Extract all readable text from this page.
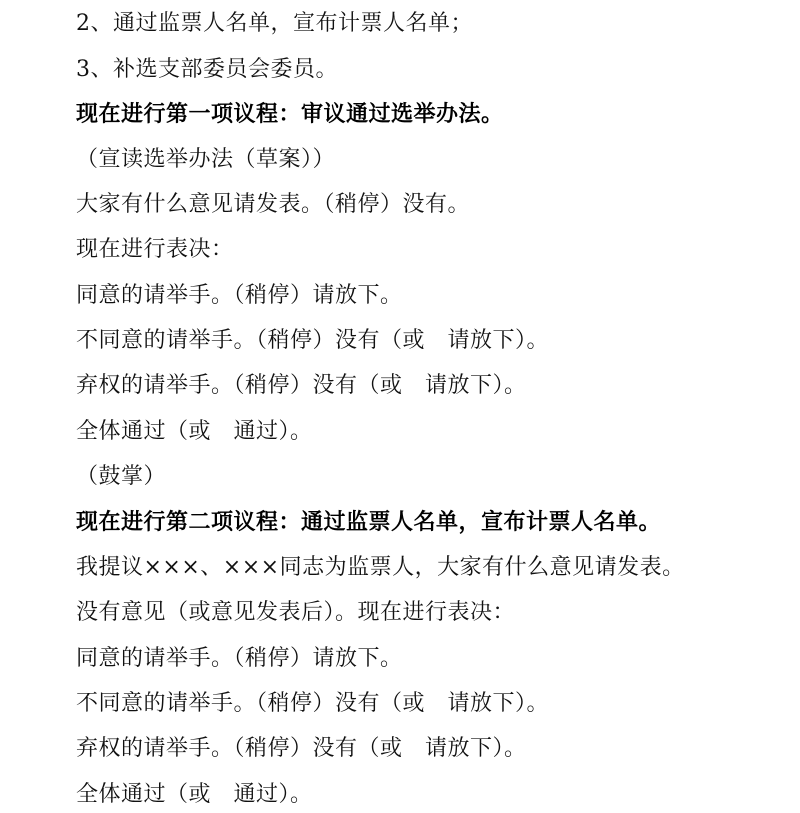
2、通过监票人名单，宣布计票人名单；
3、补选支部委员会委员。
现在进行第一项议程：审议通过选举办法。
（宣读选举办法（草案））
大家有什么意见请发表。（稍停）没有。
现在进行表决：
同意的请举手。（稍停）请放下。
不同意的请举手。（稍停）没有（或　请放下）。
弃权的请举手。（稍停）没有（或　请放下）。
全体通过（或　通过）。
（鼓掌）
现在进行第二项议程：通过监票人名单，宣布计票人名单。
我提议×××、×××同志为监票人，大家有什么意见请发表。
没有意见（或意见发表后）。现在进行表决：
同意的请举手。（稍停）请放下。
不同意的请举手。（稍停）没有（或　请放下）。
弃权的请举手。（稍停）没有（或　请放下）。
全体通过（或　通过）。
